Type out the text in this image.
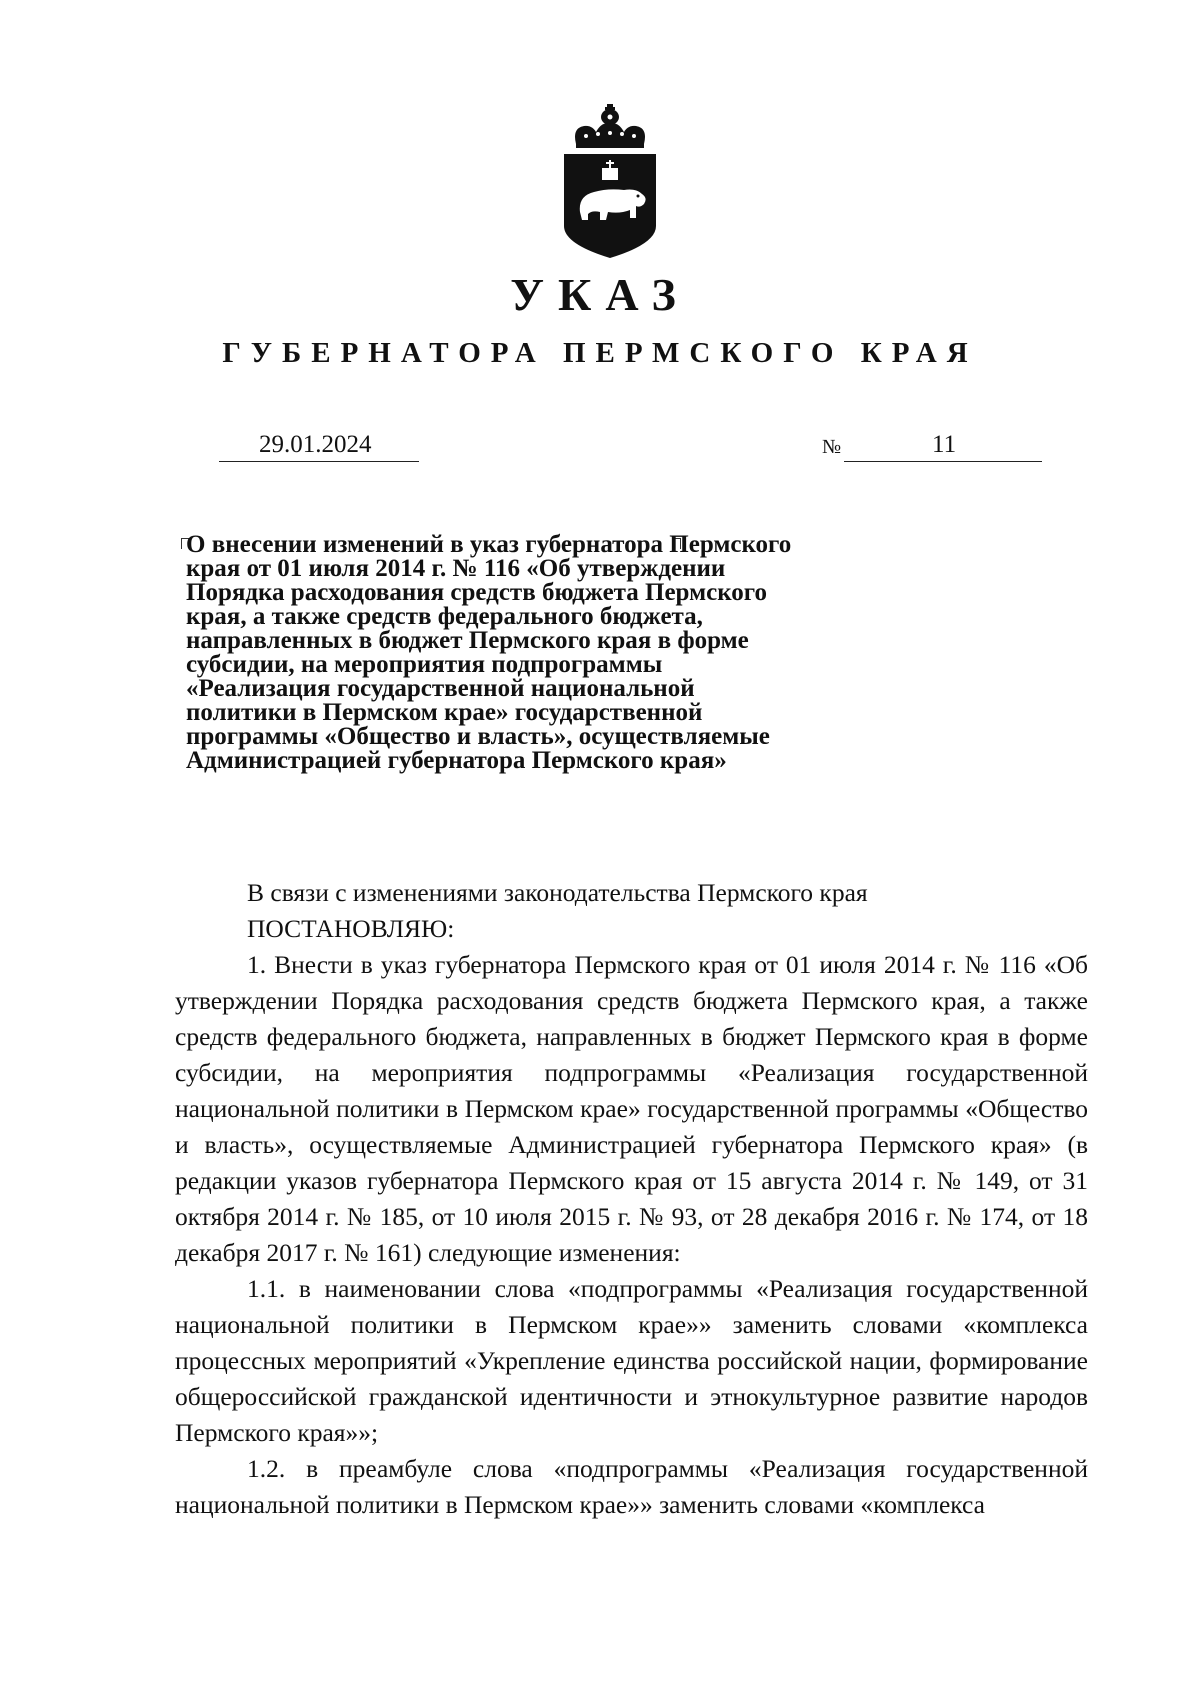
УКАЗ
ГУБЕРНАТОРА ПЕРМСКОГО КРАЯ
29.01.2024	№	11

О внесении изменений в указ губернатора Пермского
края от 01 июля 2014 г. № 116 «Об утверждении
Порядка расходования средств бюджета Пермского
края, а также средств федерального бюджета,
направленных в бюджет Пермского края в форме
субсидии, на мероприятия подпрограммы
«Реализация государственной национальной
политики в Пермском крае» государственной
программы «Общество и власть», осуществляемые
Администрацией губернатора Пермского края»

В связи с изменениями законодательства Пермского края

ПОСТАНОВЛЯЮ:

1. Внести в указ губернатора Пермского края от 01 июля 2014 г. № 116 «Об утверждении Порядка расходования средств бюджета Пермского края, а также средств федерального бюджета, направленных в бюджет Пермского края в форме субсидии, на мероприятия подпрограммы «Реализация государственной национальной политики в Пермском крае» государственной программы «Общество и власть», осуществляемые Администрацией губернатора Пермского края» (в редакции указов губернатора Пермского края от 15 августа 2014 г. № 149, от 31 октября 2014 г. № 185, от 10 июля 2015 г. № 93, от 28 декабря 2016 г. № 174, от 18 декабря 2017 г. № 161) следующие изменения:

1.1. в наименовании слова «подпрограммы «Реализация государственной национальной политики в Пермском крае»» заменить словами «комплекса процессных мероприятий «Укрепление единства российской нации, формирование общероссийской гражданской идентичности и этнокультурное развитие народов Пермского края»»;

1.2. в преамбуле слова «подпрограммы «Реализация государственной национальной политики в Пермском крае»» заменить словами «комплекса
